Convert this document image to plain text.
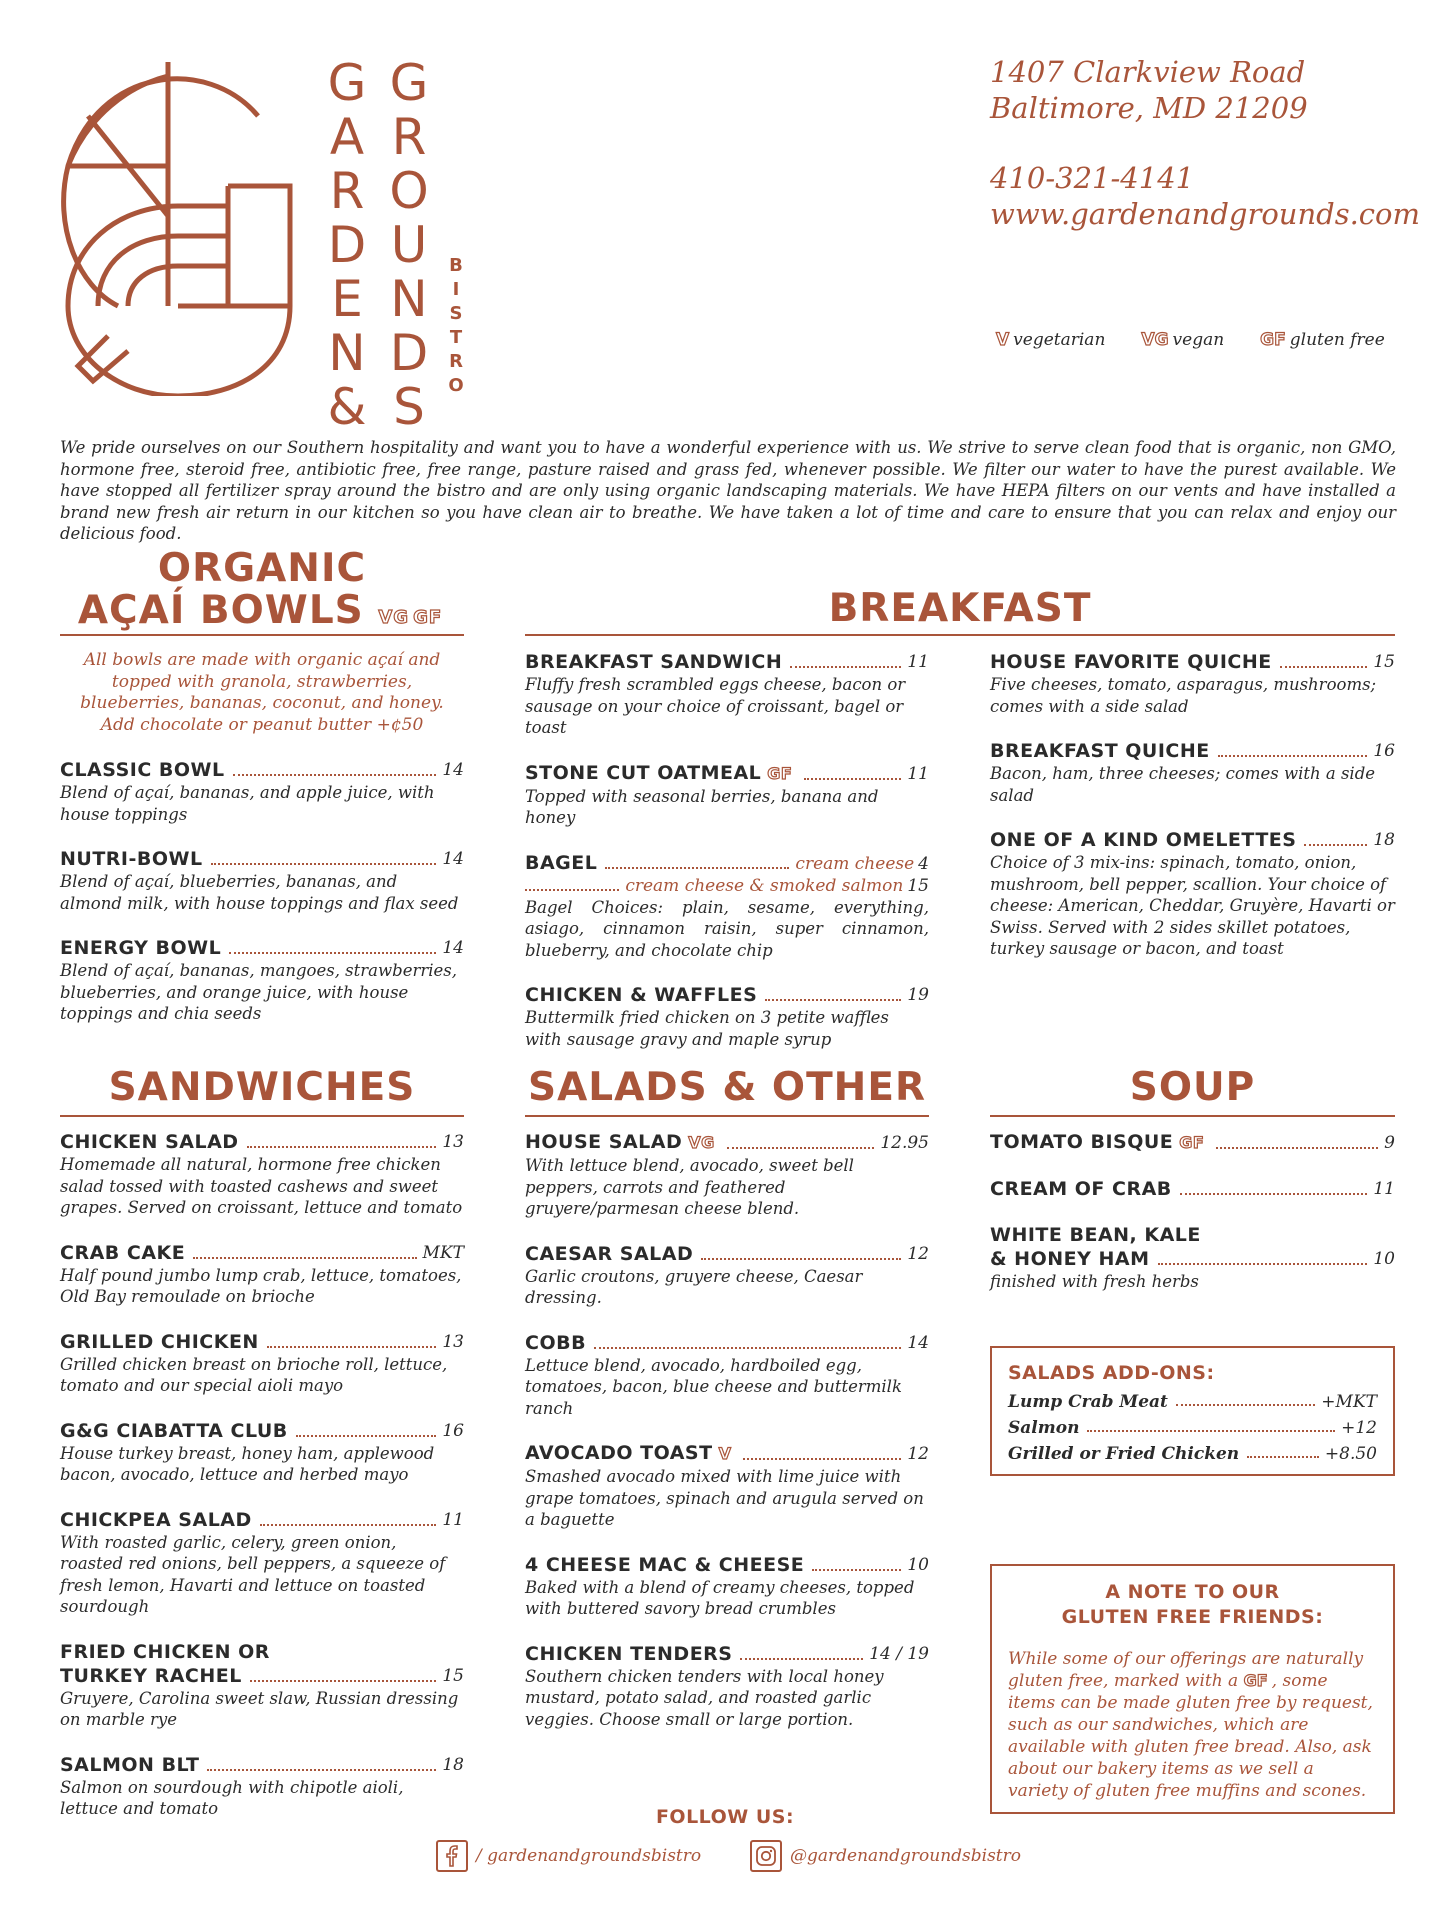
G
A
R
D
E
N
&
G
R
O
U
N
D
S
B
I
S
T
R
O
1407 Clarkview Road
Baltimore, MD 21209
410-321-4141
www.gardenandgrounds.com
V vegetarian VG vegan GF gluten free
We pride ourselves on our Southern hospitality and want you to have a wonderful experience with us. We strive to serve clean food that is organic, non GMO, hormone free, steroid free, antibiotic free, free range, pasture raised and grass fed, whenever possible. We filter our water to have the purest available. We have stopped all fertilizer spray around the bistro and are only using organic landscaping materials. We have HEPA filters on our vents and have installed a brand new fresh air return in our kitchen so you have clean air to breathe. We have taken a lot of time and care to ensure that you can relax and enjoy our delicious food.
ORGANIC
AÇAÍ BOWLS VG GF
All bowls are made with organic açaí and topped with granola, strawberries, blueberries, bananas, coconut, and honey.
Add chocolate or peanut butter +¢50
CLASSIC BOWL	14
Blend of açaí, bananas, and apple juice, with house toppings
NUTRI-BOWL	14
Blend of açaí, blueberries, bananas, and almond milk, with house toppings and flax seed
ENERGY BOWL	14
Blend of açaí, bananas, mangoes, strawberries, blueberries, and orange juice, with house toppings and chia seeds
BREAKFAST
BREAKFAST SANDWICH	11
Fluffy fresh scrambled eggs cheese, bacon or sausage on your choice of croissant, bagel or toast
STONE CUT OATMEAL GF	11
Topped with seasonal berries, banana and honey
BAGEL	cream cheese 4
cream cheese & smoked salmon 15
Bagel Choices: plain, sesame, everything, asiago, cinnamon raisin, super cinnamon, blueberry, and chocolate chip
CHICKEN & WAFFLES	19
Buttermilk fried chicken on 3 petite waffles with sausage gravy and maple syrup
HOUSE FAVORITE QUICHE	15
Five cheeses, tomato, asparagus, mushrooms; comes with a side salad
BREAKFAST QUICHE	16
Bacon, ham, three cheeses; comes with a side salad
ONE OF A KIND OMELETTES	18
Choice of 3 mix-ins: spinach, tomato, onion, mushroom, bell pepper, scallion. Your choice of cheese: American, Cheddar, Gruyère, Havarti or Swiss. Served with 2 sides skillet potatoes, turkey sausage or bacon, and toast
SANDWICHES
CHICKEN SALAD	13
Homemade all natural, hormone free chicken salad tossed with toasted cashews and sweet grapes. Served on croissant, lettuce and tomato
CRAB CAKE	MKT
Half pound jumbo lump crab, lettuce, tomatoes, Old Bay remoulade on brioche
GRILLED CHICKEN	13
Grilled chicken breast on brioche roll, lettuce, tomato and our special aioli mayo
G&G CIABATTA CLUB	16
House turkey breast, honey ham, applewood bacon, avocado, lettuce and herbed mayo
CHICKPEA SALAD	11
With roasted garlic, celery, green onion, roasted red onions, bell peppers, a squeeze of fresh lemon, Havarti and lettuce on toasted sourdough
FRIED CHICKEN OR
TURKEY RACHEL	15
Gruyere, Carolina sweet slaw, Russian dressing on marble rye
SALMON BLT	18
Salmon on sourdough with chipotle aioli, lettuce and tomato
SALADS & OTHER
HOUSE SALAD VG	12.95
With lettuce blend, avocado, sweet bell peppers, carrots and feathered gruyere/parmesan cheese blend.
CAESAR SALAD	12
Garlic croutons, gruyere cheese, Caesar dressing.
COBB	14
Lettuce blend, avocado, hardboiled egg, tomatoes, bacon, blue cheese and buttermilk ranch
AVOCADO TOAST V	12
Smashed avocado mixed with lime juice with grape tomatoes, spinach and arugula served on a baguette
4 CHEESE MAC & CHEESE	10
Baked with a blend of creamy cheeses, topped with buttered savory bread crumbles
CHICKEN TENDERS	14 / 19
Southern chicken tenders with local honey mustard, potato salad, and roasted garlic veggies. Choose small or large portion.
SOUP
TOMATO BISQUE GF	9
CREAM OF CRAB	11
WHITE BEAN, KALE
& HONEY HAM	10
finished with fresh herbs
SALADS ADD-ONS:
Lump Crab Meat	+MKT
Salmon	+12
Grilled or Fried Chicken	+8.50
A NOTE TO OUR
GLUTEN FREE FRIENDS:
While some of our offerings are naturally gluten free, marked with a GF , some items can be made gluten free by request, such as our sandwiches, which are available with gluten free bread. Also, ask about our bakery items as we sell a variety of gluten free muffins and scones.
FOLLOW US:
/ gardenandgroundsbistro	@gardenandgroundsbistro
